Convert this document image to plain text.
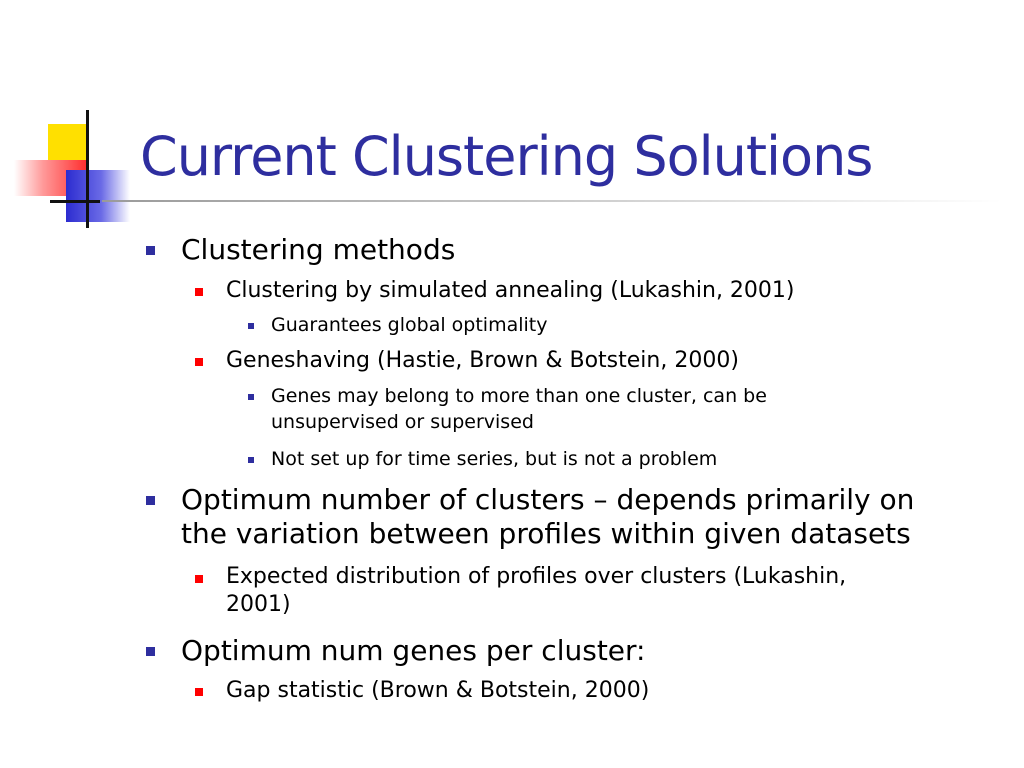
Current Clustering Solutions
Clustering methods
Clustering by simulated annealing (Lukashin, 2001)
Guarantees global optimality
Geneshaving (Hastie, Brown & Botstein, 2000)
Genes may belong to more than one cluster, can be
unsupervised or supervised
Not set up for time series, but is not a problem
Optimum number of clusters – depends primarily on
the variation between profiles within given datasets
Expected distribution of profiles over clusters (Lukashin,
2001)
Optimum num genes per cluster:
Gap statistic (Brown & Botstein, 2000)
